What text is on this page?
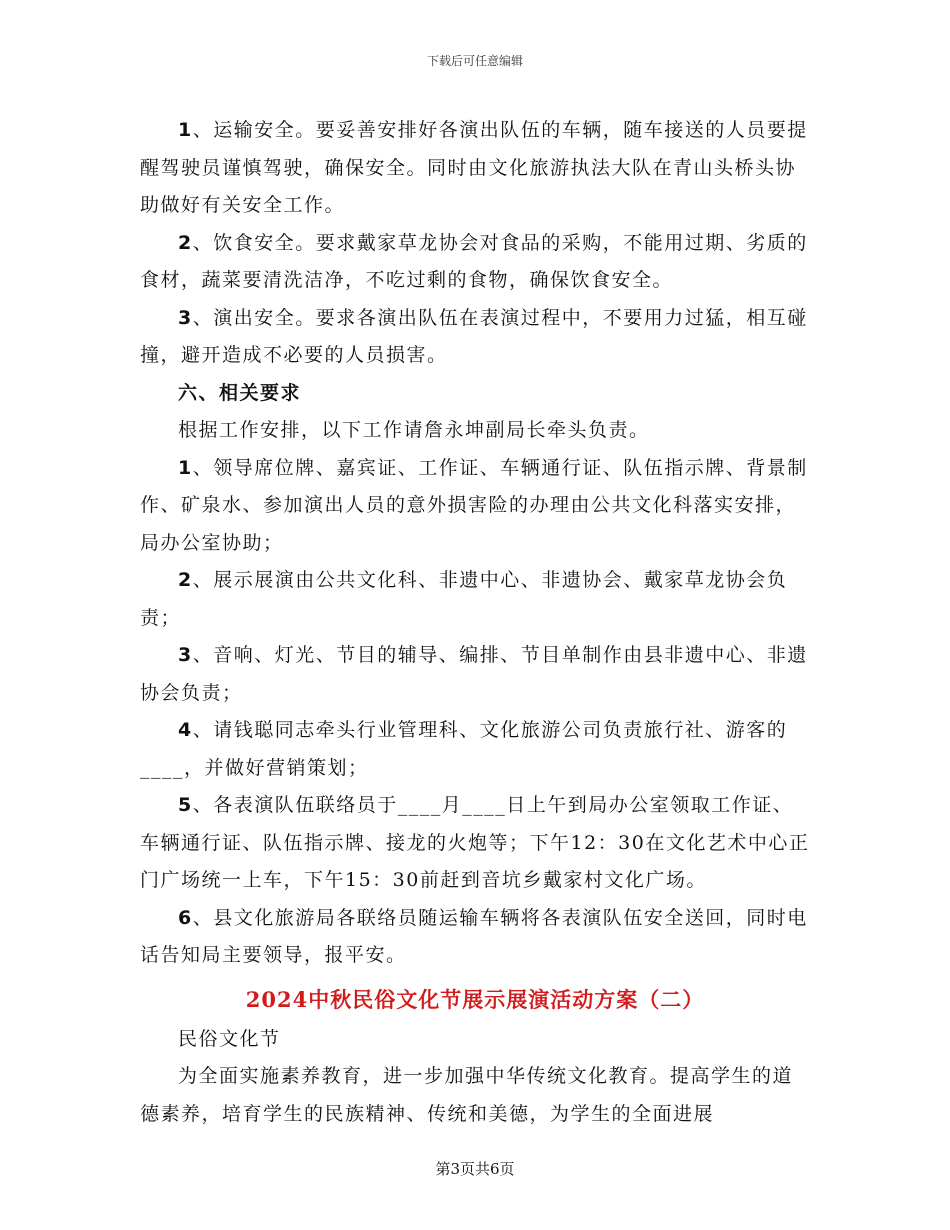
下载后可任意编辑

1、运输安全。要妥善安排好各演出队伍的车辆，随车接送的人员要提醒驾驶员谨慎驾驶，确保安全。同时由文化旅游执法大队在青山头桥头协助做好有关安全工作。

2、饮食安全。要求戴家草龙协会对食品的采购，不能用过期、劣质的食材，蔬菜要清洗洁净，不吃过剩的食物，确保饮食安全。

3、演出安全。要求各演出队伍在表演过程中，不要用力过猛，相互碰撞，避开造成不必要的人员损害。

六、相关要求

根据工作安排，以下工作请詹永坤副局长牵头负责。

1、领导席位牌、嘉宾证、工作证、车辆通行证、队伍指示牌、背景制作、矿泉水、参加演出人员的意外损害险的办理由公共文化科落实安排，局办公室协助；

2、展示展演由公共文化科、非遗中心、非遗协会、戴家草龙协会负责；

3、音响、灯光、节目的辅导、编排、节目单制作由县非遗中心、非遗协会负责；

4、请钱聪同志牵头行业管理科、文化旅游公司负责旅行社、游客的____，并做好营销策划；

5、各表演队伍联络员于____月____日上午到局办公室领取工作证、车辆通行证、队伍指示牌、接龙的火炮等；下午12：30在文化艺术中心正门广场统一上车，下午15：30前赶到音坑乡戴家村文化广场。

6、县文化旅游局各联络员随运输车辆将各表演队伍安全送回，同时电话告知局主要领导，报平安。

2024中秋民俗文化节展示展演活动方案（二）

民俗文化节

为全面实施素养教育，进一步加强中华传统文化教育。提高学生的道德素养，培育学生的民族精神、传统和美德，为学生的全面进展

第3页共6页
